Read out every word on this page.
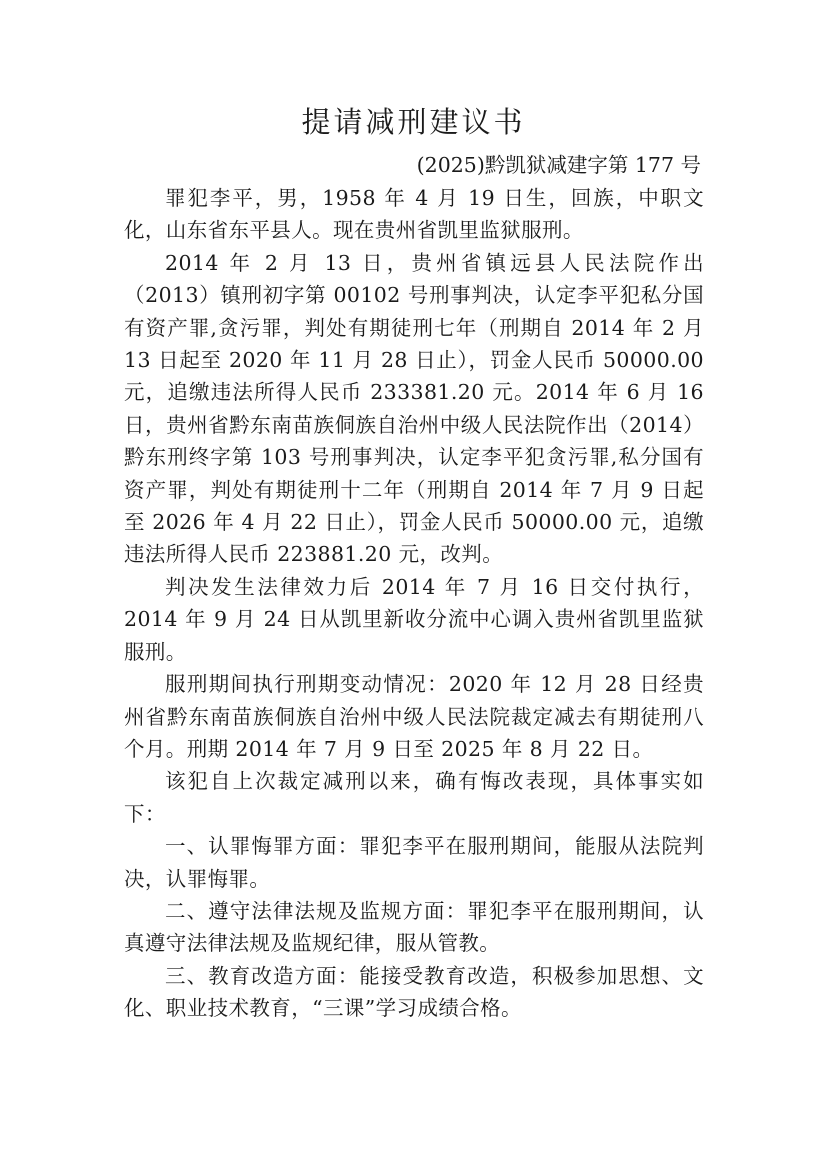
提请减刑建议书

(2025)黔凯狱减建字第 177 号

罪犯李平，男，1958 年 4 月 19 日生，回族，中职文化，山东省东平县人。现在贵州省凯里监狱服刑。

2014 年 2 月 13 日，贵州省镇远县人民法院作出（2013）镇刑初字第 00102 号刑事判决，认定李平犯私分国有资产罪,贪污罪，判处有期徒刑七年（刑期自 2014 年 2 月 13 日起至 2020 年 11 月 28 日止），罚金人民币 50000.00 元，追缴违法所得人民币 233381.20 元。2014 年 6 月 16 日，贵州省黔东南苗族侗族自治州中级人民法院作出（2014）黔东刑终字第 103 号刑事判决，认定李平犯贪污罪,私分国有资产罪，判处有期徒刑十二年（刑期自 2014 年 7 月 9 日起至 2026 年 4 月 22 日止），罚金人民币 50000.00 元，追缴违法所得人民币 223881.20 元，改判。

判决发生法律效力后 2014 年 7 月 16 日交付执行，2014 年 9 月 24 日从凯里新收分流中心调入贵州省凯里监狱服刑。

服刑期间执行刑期变动情况：2020 年 12 月 28 日经贵州省黔东南苗族侗族自治州中级人民法院裁定减去有期徒刑八个月。刑期 2014 年 7 月 9 日至 2025 年 8 月 22 日。

该犯自上次裁定减刑以来，确有悔改表现，具体事实如下：

一、认罪悔罪方面：罪犯李平在服刑期间，能服从法院判决，认罪悔罪。

二、遵守法律法规及监规方面：罪犯李平在服刑期间，认真遵守法律法规及监规纪律，服从管教。

三、教育改造方面：能接受教育改造，积极参加思想、文化、职业技术教育，“三课”学习成绩合格。
